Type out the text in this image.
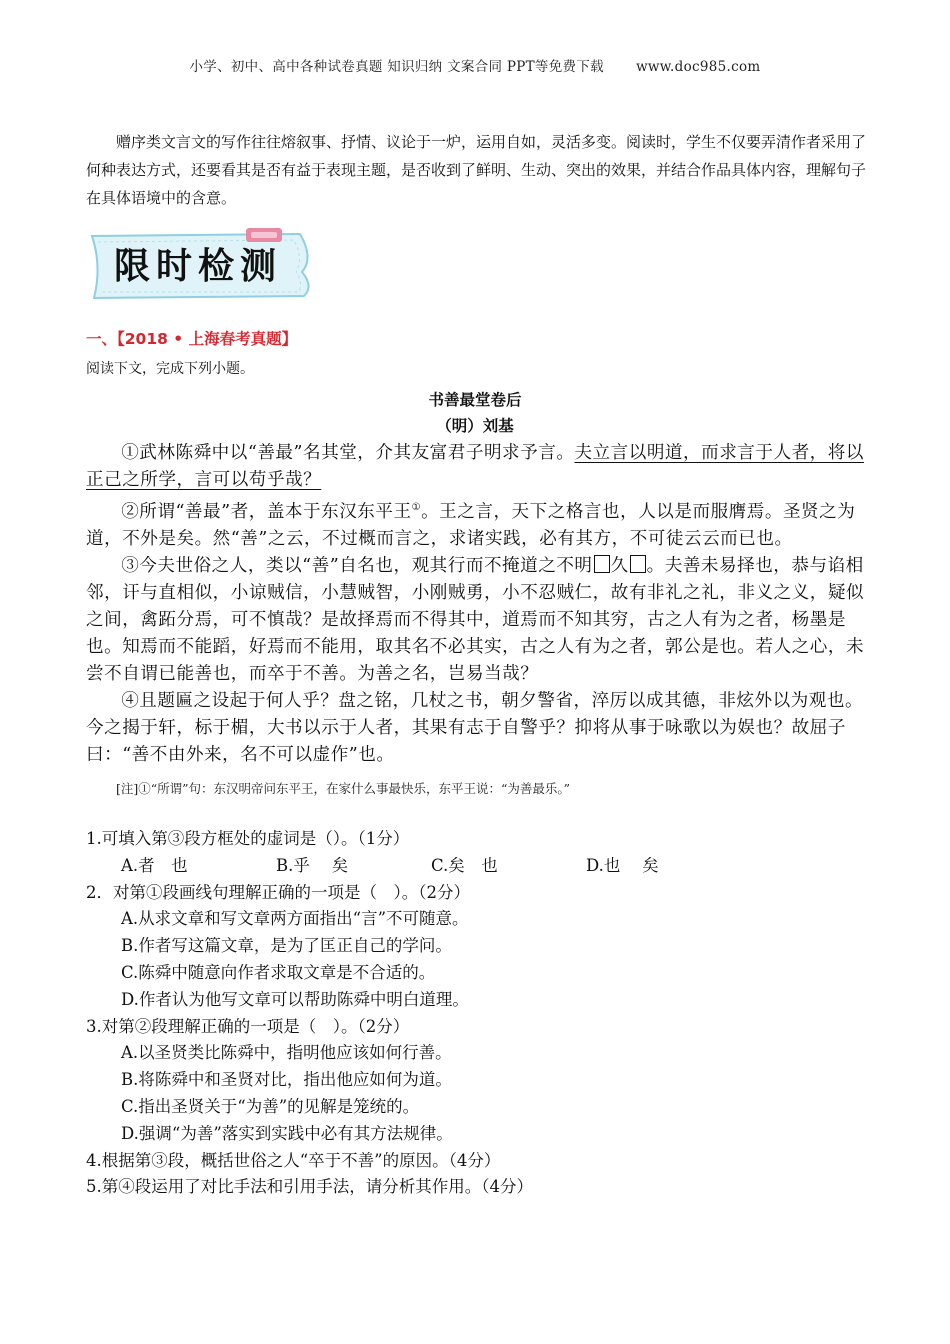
小学、初中、高中各种试卷真题 知识归纳 文案合同 PPT等免费下载 www.doc985.com
赠序类文言文的写作往往熔叙事、抒情、议论于一炉，运用自如，灵活多变。阅读时，学生不仅要弄清作者采用了何种表达方式，还要看其是否有益于表现主题，是否收到了鲜明、生动、突出的效果，并结合作品具体内容，理解句子在具体语境中的含意。
限时检测
一、【2018 • 上海春考真题】
阅读下文，完成下列小题。
书善最堂卷后
（明）刘基

①武林陈舜中以“善最”名其堂，介其友富君子明求予言。夫立言以明道，而求言于人者，将以正己之所学，言可以苟乎哉？

②所谓“善最”者，盖本于东汉东平王①。王之言，天下之格言也，人以是而服膺焉。圣贤之为道，不外是矣。然“善”之云，不过概而言之，求诸实践，必有其方，不可徒云云而已也。

③今夫世俗之人，类以“善”自名也，观其行而不掩道之不明 久 。夫善未易择也，恭与谄相邻，讦与直相似，小谅贼信，小慧贼智，小刚贼勇，小不忍贼仁，故有非礼之礼，非义之义，疑似之间，禽跖分焉，可不慎哉？是故择焉而不得其中，道焉而不知其穷，古之人有为之者，杨墨是也。知焉而不能蹈，好焉而不能用，取其名不必其实，古之人有为之者，郭公是也。若人之心，未尝不自谓已能善也，而卒于不善。为善之名，岂易当哉？

④且题匾之设起于何人乎？盘之铭，几杖之书，朝夕警省，淬厉以成其德，非炫外以为观也。今之揭于轩，标于楣，大书以示于人者，其果有志于自警乎？抑将从事于咏歌以为娱也？故屈子曰：“善不由外来，名不可以虚作”也。

[注]①“所谓”句：东汉明帝问东平王，在家什么事最快乐，东平王说：“为善最乐。”

1.可填入第③段方框处的虚词是（）。（1分）

A.者　也	B.乎　 矣	C.矣　也	D.也　 矣

2．对第①段画线句理解正确的一项是（　）。（2分）

A.从求文章和写文章两方面指出“言”不可随意。

B.作者写这篇文章，是为了匡正自己的学问。

C.陈舜中随意向作者求取文章是不合适的。

D.作者认为他写文章可以帮助陈舜中明白道理。

3.对第②段理解正确的一项是（　）。（2分）

A.以圣贤类比陈舜中，指明他应该如何行善。

B.将陈舜中和圣贤对比，指出他应如何为道。

C.指出圣贤关于“为善”的见解是笼统的。

D.强调“为善”落实到实践中必有其方法规律。

4.根据第③段，概括世俗之人“卒于不善”的原因。（4分）

5.第④段运用了对比手法和引用手法，请分析其作用。（4分）
